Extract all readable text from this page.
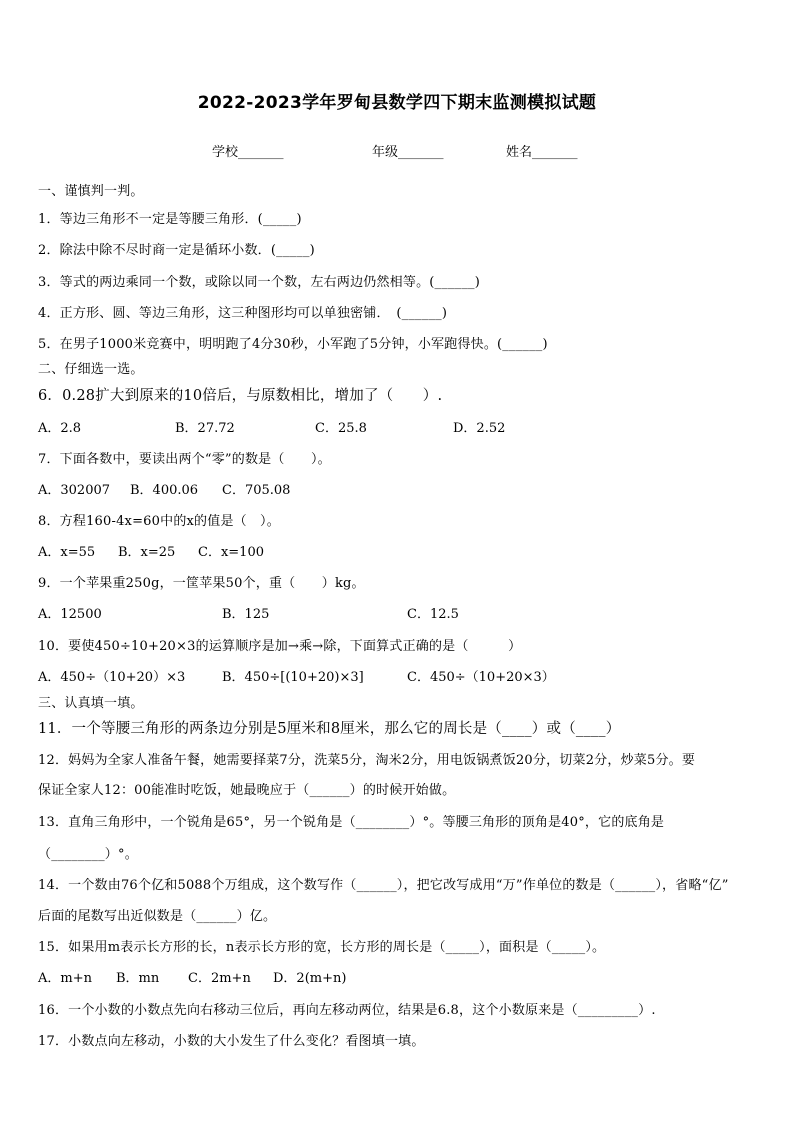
2022-2023学年罗甸县数学四下期末监测模拟试题
学校_______	年级_______	姓名_______
一、谨慎判一判。
1．等边三角形不一定是等腰三角形．(_____)
2．除法中除不尽时商一定是循环小数．(_____)
3．等式的两边乘同一个数，或除以同一个数，左右两边仍然相等。(______)
4．正方形、圆、等边三角形，这三种图形均可以单独密铺．　(______)
5．在男子1000米竞赛中，明明跑了4分30秒，小军跑了5分钟，小军跑得快。(______)
二、仔细选一选。
6．0.28扩大到原来的10倍后，与原数相比，增加了（　　）.
A．2.8	B．27.72	C．25.8	D．2.52
7．下面各数中，要读出两个“零”的数是（　　）。
A．302007 B．400.06 C．705.08
8．方程160-4x=60中的x的值是（　）。
A．x=55 B．x=25 C．x=100
9．一个苹果重250g，一筐苹果50个，重（　　）kg。
A．12500	B．125	C．12.5
10．要使450÷10+20×3的运算顺序是加→乘→除，下面算式正确的是（　　　）
A．450÷（10+20）×3	B．450÷[(10+20)×3]	C．450÷（10+20×3）
三、认真填一填。
11．一个等腰三角形的两条边分别是5厘米和8厘米，那么它的周长是（____）或（____）
12．妈妈为全家人准备午餐，她需要择菜7分，洗菜5分，淘米2分，用电饭锅煮饭20分，切菜2分，炒菜5分。要
保证全家人12：00能准时吃饭，她最晚应于（______）的时候开始做。
13．直角三角形中，一个锐角是65°，另一个锐角是（________）°。等腰三角形的顶角是40°，它的底角是
（________）°。
14．一个数由76个亿和5088个万组成，这个数写作（______），把它改写成用“万”作单位的数是（______），省略“亿”
后面的尾数写出近似数是（______）亿。
15．如果用m表示长方形的长，n表示长方形的宽，长方形的周长是（_____），面积是（_____）。
A．m+n B．mn C．2m+n D．2(m+n)
16．一个小数的小数点先向右移动三位后，再向左移动两位，结果是6.8，这个小数原来是（_________）.
17．小数点向左移动，小数的大小发生了什么变化？看图填一填。
